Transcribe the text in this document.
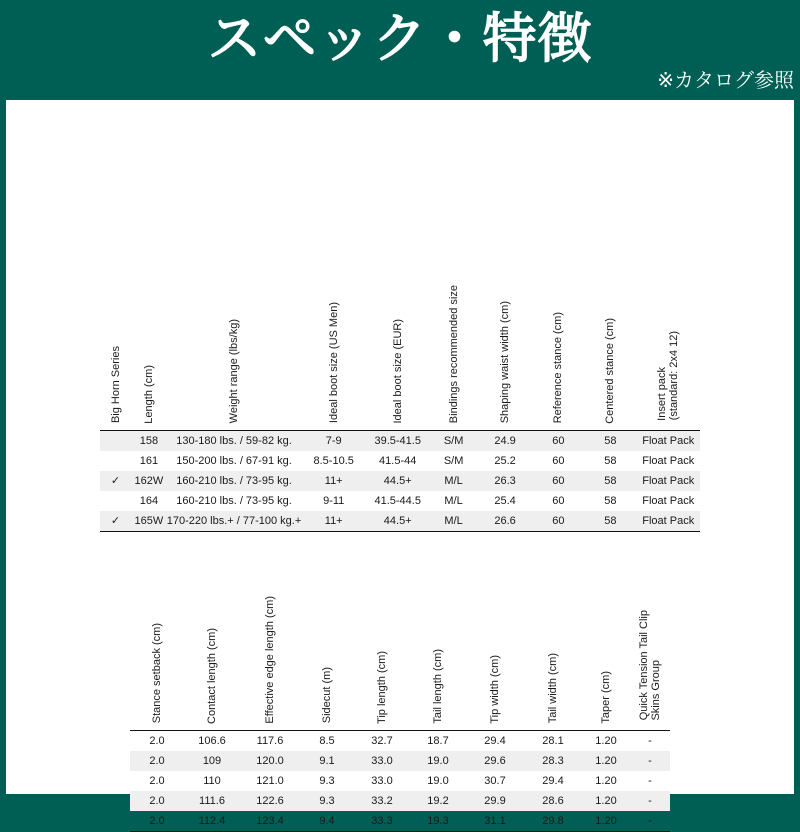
スペック・特徴
※カタログ参照
Big Horn Series	Length (cm)	Weight range (lbs/kg)	Ideal boot size (US Men)	Ideal boot size (EUR)	Bindings recommended size	Shaping waist width (cm)	Reference stance (cm)	Centered stance (cm)	Insert pack(standard: 2x4 12)
	158	130-180 lbs. / 59-82 kg.	7-9	39.5-41.5	S/M	24.9	60	58	Float Pack
	161	150-200 lbs. / 67-91 kg.	8.5-10.5	41.5-44	S/M	25.2	60	58	Float Pack
✓	162W	160-210 lbs. / 73-95 kg.	11+	44.5+	M/L	26.3	60	58	Float Pack
	164	160-210 lbs. / 73-95 kg.	9-11	41.5-44.5	M/L	25.4	60	58	Float Pack
✓	165W	170-220 lbs.+ / 77-100 kg.+	11+	44.5+	M/L	26.6	60	58	Float Pack
Stance setback (cm)	Contact length (cm)	Effective edge length (cm)	Sidecut (m)	Tip length (cm)	Tail length (cm)	Tip width (cm)	Tail width (cm)	Taper (cm)	Quick Tension Tail ClipSkins Group
2.0	106.6	117.6	8.5	32.7	18.7	29.4	28.1	1.20	-
2.0	109	120.0	9.1	33.0	19.0	29.6	28.3	1.20	-
2.0	110	121.0	9.3	33.0	19.0	30.7	29.4	1.20	-
2.0	111.6	122.6	9.3	33.2	19.2	29.9	28.6	1.20	-
2.0	112.4	123.4	9.4	33.3	19.3	31.1	29.8	1.20	-
